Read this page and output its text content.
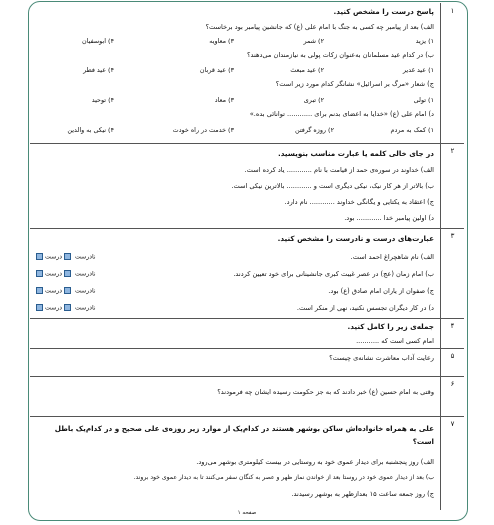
۱
پاسخ درست را مشخص کنید.
الف) بعد از پیامبر چه کسی به جنگ با امام علی (ع) که جانشین پیامبر بود برخاست؟
۱) یزید
۲) شمر
۳) معاویه
۴) ابوسفیان
ب) در کدام عید مسلمانان به‌عنوان زکات پولی به نیازمندان می‌دهند؟
۱) عید غدیر
۲) عید مبعث
۳) عید قربان
۴) عید فطر
ج) شعار «مرگ بر اسرائیل» نشانگر کدام مورد زیر است؟
۱) تولی
۲) تبری
۳) معاد
۴) توحید
د) امام علی (ع) «خدایا به اعضای بدنم برای ............ توانائی بده.»
۱) کمک به مردم
۲) روزه گرفتن
۳) خدمت در راه خودت
۴) نیکی به والدین
۲
در جای خالی کلمه یا عبارت مناسب بنویسید.
الف) خداوند در سوره‌ی حمد از قیامت با نام ............ یاد کرده است.
ب) بالاتر از هر کار نیک، نیکی دیگری است و ............ بالاترین نیکی است.
ج) اعتقاد به یکتایی و یگانگی خداوند ............ نام دارد.
د) اولین پیامبر خدا ............ بود.
۳
عبارت‌های درست و نادرست را مشخص کنید.
الف) نام شاهچراغ احمد است.
نادرست درست
ب) امام زمان (عج) در عصر غیبت کبری جانشینانی برای خود تعیین کردند.
نادرست درست
ج) صفوان از یاران امام صادق (ع) بود.
نادرست درست
د) در کار دیگران تجسس نکنید، نهی از منکر است.
نادرست درست
۴
جمله‌ی زیر را کامل کنید.
امام کسی است که ...........
۵
رعایت آداب معاشرت نشانه‌ی چیست؟
۶
وقتی به امام حسین (ع) خبر دادند که به جز حکومت رسیده ایشان چه فرمودند؟
۷
علی به همراه خانواده‌اش ساکن بوشهر هستند در کدام‌یک از موارد زیر روزه‌ی علی صحیح و در کدام‌یک باطل
است؟
الف) روز پنجشنبه برای دیدار عموی خود به روستایی در بیست کیلومتری بوشهر می‌رود.
ب) بعد از دیدار عموی خود در روستا بعد از خواندن نماز ظهر و عصر به کنگان سفر می‌کنند تا به دیدار عموی خود بروند.
ج) روز جمعه ساعت ۱۵ بعدازظهر به بوشهر رسیدند.
صفحه ۱
